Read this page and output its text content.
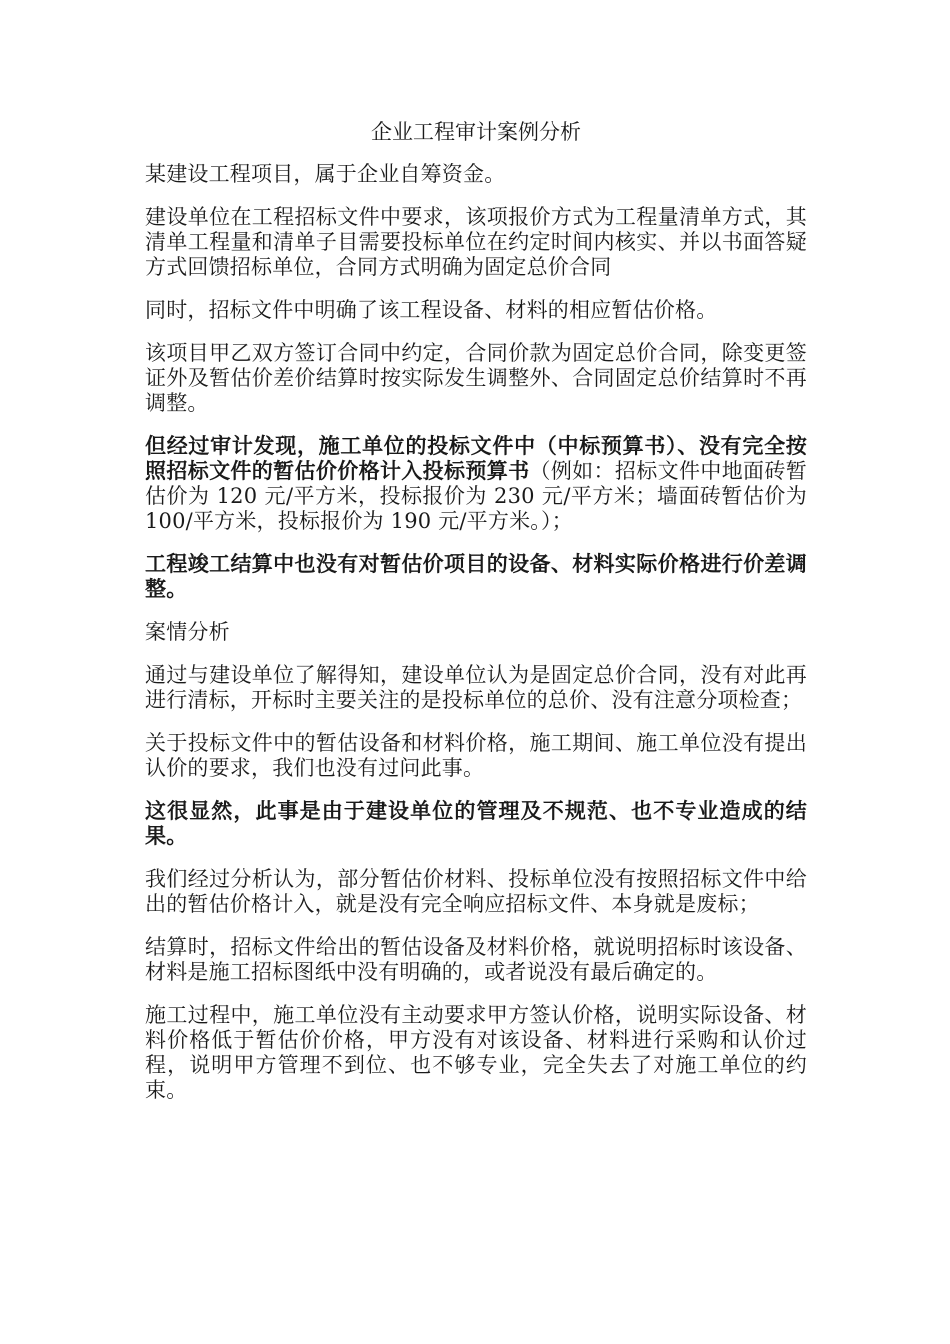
企业工程审计案例分析

某建设工程项目，属于企业自筹资金。

建设单位在工程招标文件中要求，该项报价方式为工程量清单方式，其清单工程量和清单子目需要投标单位在约定时间内核实、并以书面答疑方式回馈招标单位，合同方式明确为固定总价合同

同时，招标文件中明确了该工程设备、材料的相应暂估价格。

该项目甲乙双方签订合同中约定，合同价款为固定总价合同，除变更签证外及暂估价差价结算时按实际发生调整外、合同固定总价结算时不再调整。

但经过审计发现，施工单位的投标文件中（中标预算书）、没有完全按照招标文件的暂估价价格计入投标预算书（例如：招标文件中地面砖暂估价为 120 元/平方米，投标报价为 230 元/平方米；墙面砖暂估价为 100/平方米，投标报价为 190 元/平方米。）；

工程竣工结算中也没有对暂估价项目的设备、材料实际价格进行价差调整。

案情分析

通过与建设单位了解得知，建设单位认为是固定总价合同，没有对此再进行清标，开标时主要关注的是投标单位的总价、没有注意分项检查；

关于投标文件中的暂估设备和材料价格，施工期间、施工单位没有提出认价的要求，我们也没有过问此事。

这很显然，此事是由于建设单位的管理及不规范、也不专业造成的结果。

我们经过分析认为，部分暂估价材料、投标单位没有按照招标文件中给出的暂估价格计入，就是没有完全响应招标文件、本身就是废标；

结算时，招标文件给出的暂估设备及材料价格，就说明招标时该设备、材料是施工招标图纸中没有明确的，或者说没有最后确定的。

施工过程中，施工单位没有主动要求甲方签认价格，说明实际设备、材料价格低于暂估价价格，甲方没有对该设备、材料进行采购和认价过程，说明甲方管理不到位、也不够专业，完全失去了对施工单位的约束。
